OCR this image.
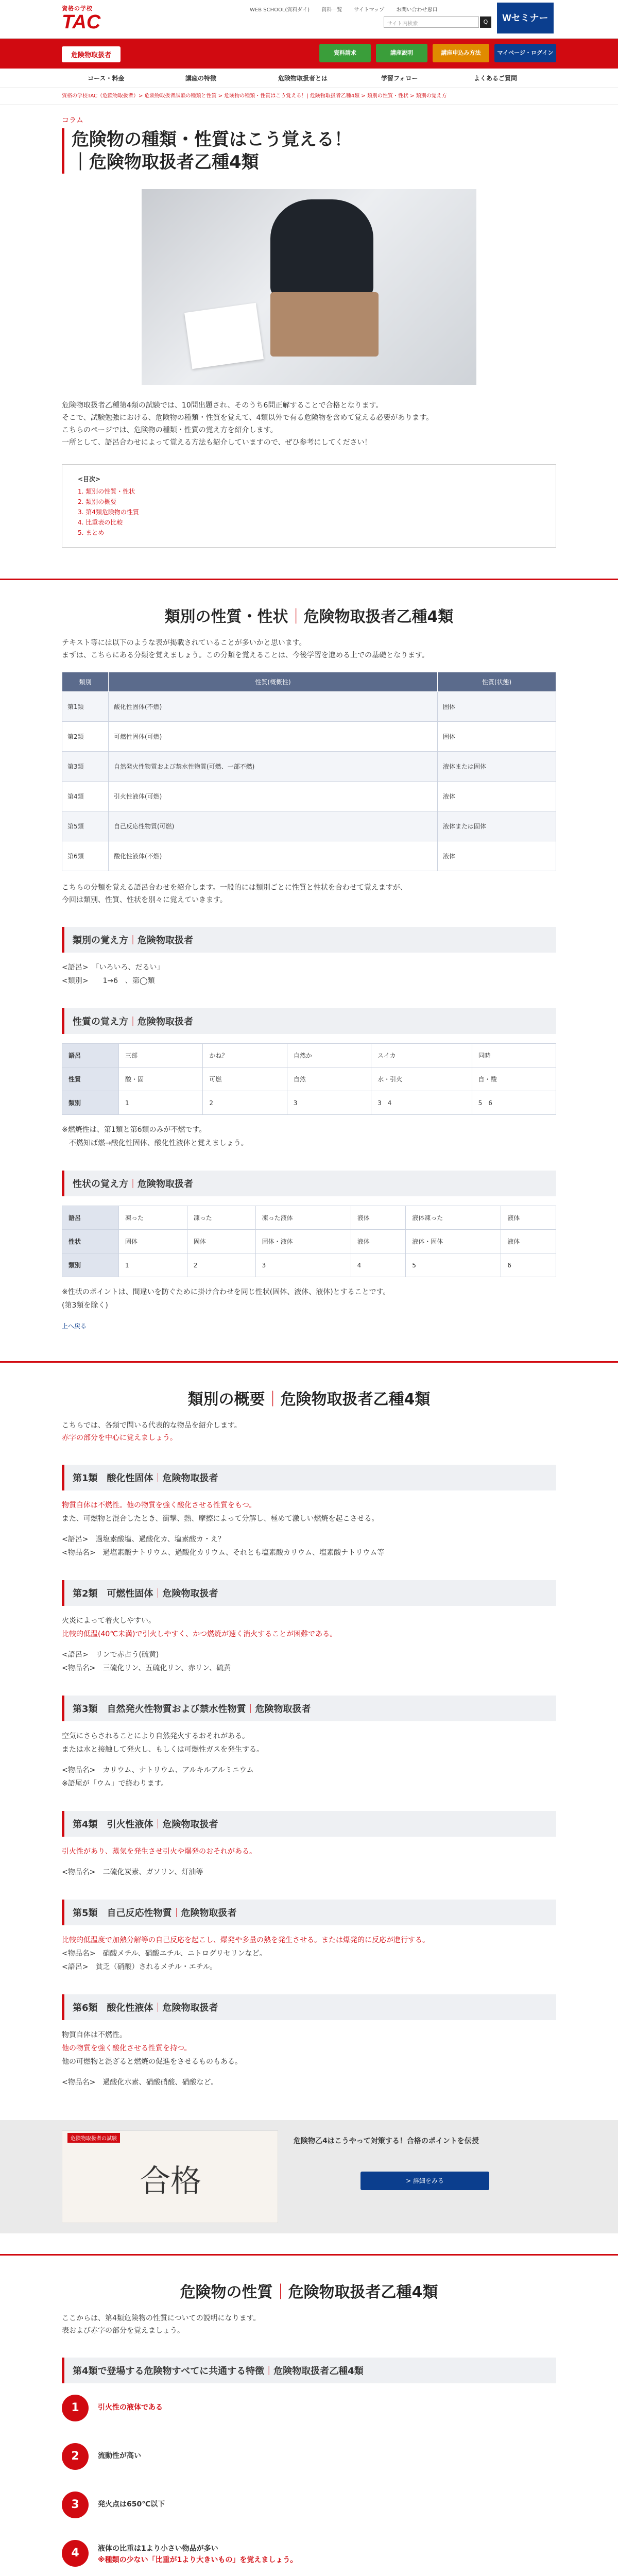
資格の学校
TAC
WEB SCHOOL(資料ダイ) 資料一覧 サイトマップ お問い合わせ窓口
サイト内検索	Q	Wセミナー
危険物取扱者	資料請求	講座説明	講座申込み方法	マイページ・ログイン
コース・料金	講座の特徴	危険物取扱者とは	学習フォロー	よくあるご質問
資格の学校TAC（危険物取扱者）> 危険物取扱者試験の種類と性質 > 危険物の種類・性質はこう覚える！| 危険物取扱者乙種4類 > 類別の性質・性状 > 類別の覚え方
コラム
危険物の種類・性質はこう覚える！
｜危険物取扱者乙種4類
危険物取扱者乙種第4類の試験では、10問出題され、そのうち6問正解することで合格となります。
そこで、試験勉強における、危険物の種類・性質を覚えて、4類以外で有る危険物を含めて覚える必要があります。
こちらのページでは、危険物の種類・性質の覚え方を紹介します。
一所として、語呂合わせによって覚える方法も紹介していますので、ぜひ参考にしてください！
<目次>
1. 類別の性質・性状
2. 類別の概要
3. 第4類危険物の性質
4. 比重表の比較
5. まとめ
類別の性質・性状｜危険物取扱者乙種4類
テキスト等には以下のような表が掲載されていることが多いかと思います。
まずは、こちらにある分類を覚えましょう。この分類を覚えることは、今後学習を進める上での基礎となります。
類別	性質(概概性)	性質(状態)
第1類	酸化性固体(不燃)	固体
第2類	可燃性固体(可燃)	固体
第3類	自然発火性物質および禁水性物質(可燃、一部不燃)	液体または固体
第4類	引火性液体(可燃)	液体
第5類	自己反応性物質(可燃)	液体または固体
第6類	酸化性液体(不燃)	液体
こちらの分類を覚える語呂合わせを紹介します。一般的には類別ごとに性質と性状を合わせて覚えますが、
今回は類別、性質、性状を別々に覚えていきます。
類別の覚え方｜危険物取扱者
<語呂>　「いろいろ、だるい」
<類別>　　1→6　、第◯類
性質の覚え方｜危険物取扱者
語呂	三部	かね？	自然か	スイカ	同時
性質	酸・固	可燃	自然	水・引火	自・酸
類別	1	2	3	3　4	5　6
※燃焼性は、第1類と第6類のみが不燃です。
　不燃知ば燃→酸化性固体、酸化性液体と覚えましょう。
性状の覚え方｜危険物取扱者
語呂	凍った	凍った	凍った液体	液体	液体凍った	液体
性状	固体	固体	固体・液体	液体	液体・固体	液体
類別	1	2	3	4	5	6
※性状のポイントは、間違いを防ぐために掛け合わせを同じ性状(固体、液体、液体)とすることです。
(第3類を除く)
上へ戻る
類別の概要｜危険物取扱者乙種4類
こちらでは、各類で問いる代表的な物品を紹介します。
赤字の部分を中心に覚えましょう。
第1類　酸化性固体｜危険物取扱者
物質自体は不燃性。他の物質を強く酸化させる性質をもつ。
また、可燃物と混合したとき、衝撃、熱、摩擦によって分解し、極めて激しい燃焼を起こさせる。
<語呂>　過塩素酸塩、過酸化カ、塩素酸カ・え？
<物品名>　過塩素酸ナトリウム、過酸化カリウム、それとも塩素酸カリウム、塩素酸ナトリウム等
第2類　可燃性固体｜危険物取扱者
火炎によって着火しやすい。
比較的低温(40℃未満)で引火しやすく、かつ燃焼が速く消火することが困難である。
<語呂>　リンで赤占う(硫黄)
<物品名>　三硫化リン、五硫化リン、赤リン、硫黄
第3類　自然発火性物質および禁水性物質｜危険物取扱者
空気にさらされることにより自然発火するおそれがある。
または水と接触して発火し、もしくは可燃性ガスを発生する。
<物品名>　カリウム、ナトリウム、アルキルアルミニウム
※語尾が「ウム」で終わります。
第4類　引火性液体｜危険物取扱者
引火性があり、蒸気を発生させ引火や爆発のおそれがある。
<物品名>　二硫化炭素、ガソリン、灯油等
第5類　自己反応性物質｜危険物取扱者
比較的低温度で加熱分解等の自己反応を起こし、爆発や多量の熱を発生させる。または爆発的に反応が進行する。
<物品名>　硝酸メチル、硝酸エチル、ニトログリセリンなど。
<語呂>　貧乏（硝酸）されるメチル・エチル。
第6類　酸化性液体｜危険物取扱者
物質自体は不燃性。
他の物質を強く酸化させる性質を持つ。
他の可燃物と混ざると燃焼の促進をさせるものもある。
<物品名>　過酸化水素、硝酸硝酸、硝酸など。
危険物取扱者の試験
合格
危険物乙4はこうやって対策する！合格のポイントを伝授
> 詳細をみる
危険物の性質｜危険物取扱者乙種4類
ここからは、第4類危険物の性質についての説明になります。
表および赤字の部分を覚えましょう。
第4類で登場する危険物すべてに共通する特徴｜危険物取扱者乙種4類
1	引火性の液体である
2	流動性が高い
3	発火点は650℃以下
4	液体の比重は1より小さい物品が多い
※種類の少ない「比重が1より大きいもの」を覚えましょう。
